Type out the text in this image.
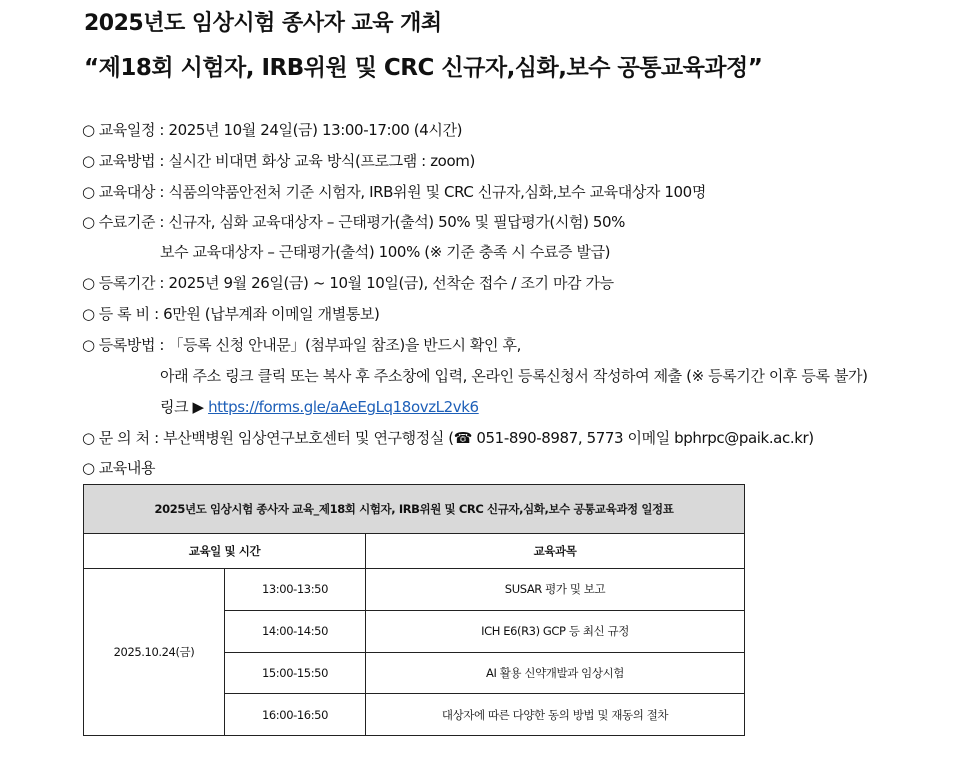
2025년도 임상시험 종사자 교육 개최
“제18회 시험자, IRB위원 및 CRC 신규자,심화,보수 공통교육과정”
○ 교육일정 : 2025년 10월 24일(금) 13:00-17:00 (4시간)
○ 교육방법 : 실시간 비대면 화상 교육 방식(프로그램 : zoom)
○ 교육대상 : 식품의약품안전처 기준 시험자, IRB위원 및 CRC 신규자,심화,보수 교육대상자 100명
○ 수료기준 : 신규자, 심화 교육대상자 – 근태평가(출석) 50% 및 필답평가(시험) 50%
보수 교육대상자 – 근태평가(출석) 100% (※ 기준 충족 시 수료증 발급)
○ 등록기간 : 2025년 9월 26일(금) ~ 10월 10일(금), 선착순 접수 / 조기 마감 가능
○ 등 록 비 : 6만원 (납부계좌 이메일 개별통보)
○ 등록방법 : 「등록 신청 안내문」(첨부파일 참조)을 반드시 확인 후,
아래 주소 링크 클릭 또는 복사 후 주소창에 입력, 온라인 등록신청서 작성하여 제출 (※ 등록기간 이후 등록 불가)
링크 ▶ https://forms.gle/aAeEgLq18ovzL2vk6
○ 문 의 처 : 부산백병원 임상연구보호센터 및 연구행정실 (☎ 051-890-8987, 5773 이메일 bphrpc@paik.ac.kr)
○ 교육내용
2025년도 임상시험 종사자 교육_제18회 시험자, IRB위원 및 CRC 신규자,심화,보수 공통교육과정 일정표		
교육일 및 시간		교육과목
2025.10.24(금)	13:00-13:50	SUSAR 평가 및 보고
	14:00-14:50	ICH E6(R3) GCP 등 최신 규정
	15:00-15:50	AI 활용 신약개발과 임상시험
	16:00-16:50	대상자에 따른 다양한 동의 방법 및 재동의 절차
